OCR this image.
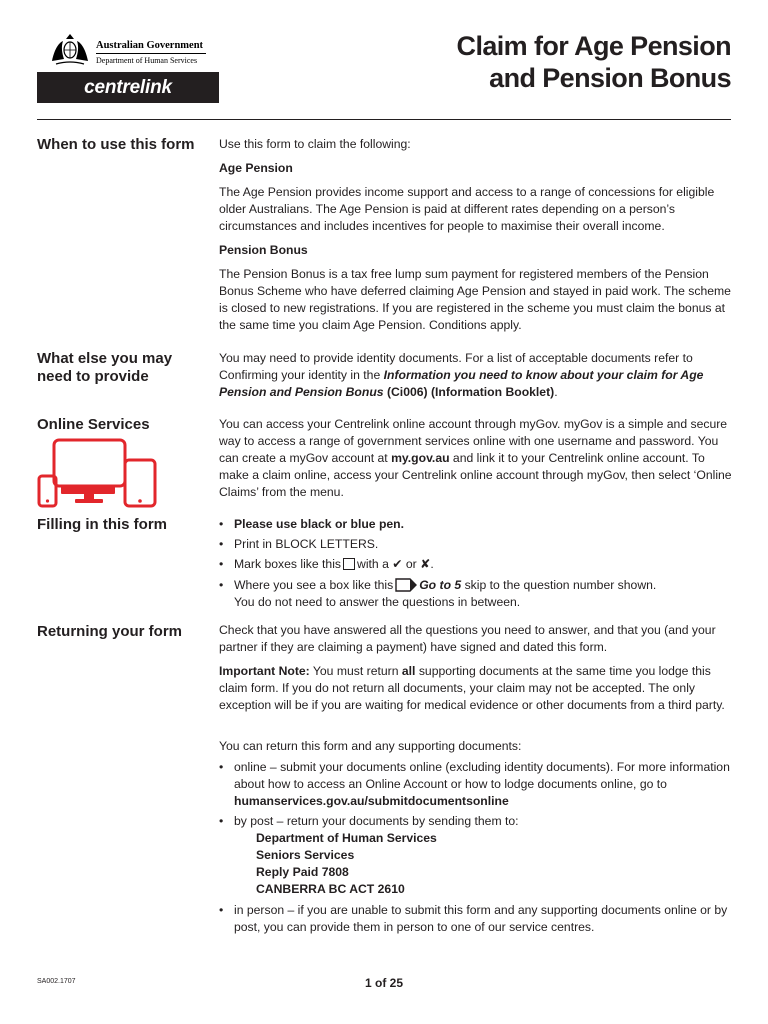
Australian Government
Department of Human Services
centrelink
Claim for Age Pension
and Pension Bonus
When to use this form	Use this form to claim the following:
Age Pension
The Age Pension provides income support and access to a range of concessions for eligible older Australians. The Age Pension is paid at different rates depending on a person’s circumstances and includes incentives for people to maximise their overall income.
Pension Bonus
The Pension Bonus is a tax free lump sum payment for registered members of the Pension Bonus Scheme who have deferred claiming Age Pension and stayed in paid work. The scheme is closed to new registrations. If you are registered in the scheme you must claim the bonus at the same time you claim Age Pension. Conditions apply.
What else you may need to provide
You may need to provide identity documents. For a list of acceptable documents refer to Confirming your identity in the Information you need to know about your claim for Age Pension and Pension Bonus (Ci006) (Information Booklet).
Online Services	You can access your Centrelink online account through myGov. myGov is a simple and secure way to access a range of government services online with one username and password. You can create a myGov account at my.gov.au and link it to your Centrelink online account. To make a claim online, access your Centrelink online account through myGov, then select ‘Online Claims’ from the menu.
Filling in this form	• Please use black or blue pen.
• Print in BLOCK LETTERS.
• Mark boxes like this with a ✔ or ✘.
• Where you see a box like this Go to 5 skip to the question number shown.
You do not need to answer the questions in between.
Returning your form	Check that you have answered all the questions you need to answer, and that you (and your partner if they are claiming a payment) have signed and dated this form.
Important Note: You must return all supporting documents at the same time you lodge this claim form. If you do not return all documents, your claim may not be accepted. The only exception will be if you are waiting for medical evidence or other documents from a third party.
You can return this form and any supporting documents:
• online – submit your documents online (excluding identity documents). For more information about how to access an Online Account or how to lodge documents online, go to humanservices.gov.au/submitdocumentsonline
• by post – return your documents by sending them to:
Department of Human Services
Seniors Services
Reply Paid 7808
CANBERRA BC ACT 2610
• in person – if you are unable to submit this form and any supporting documents online or by post, you can provide them in person to one of our service centres.
SA002.1707	1 of 25
